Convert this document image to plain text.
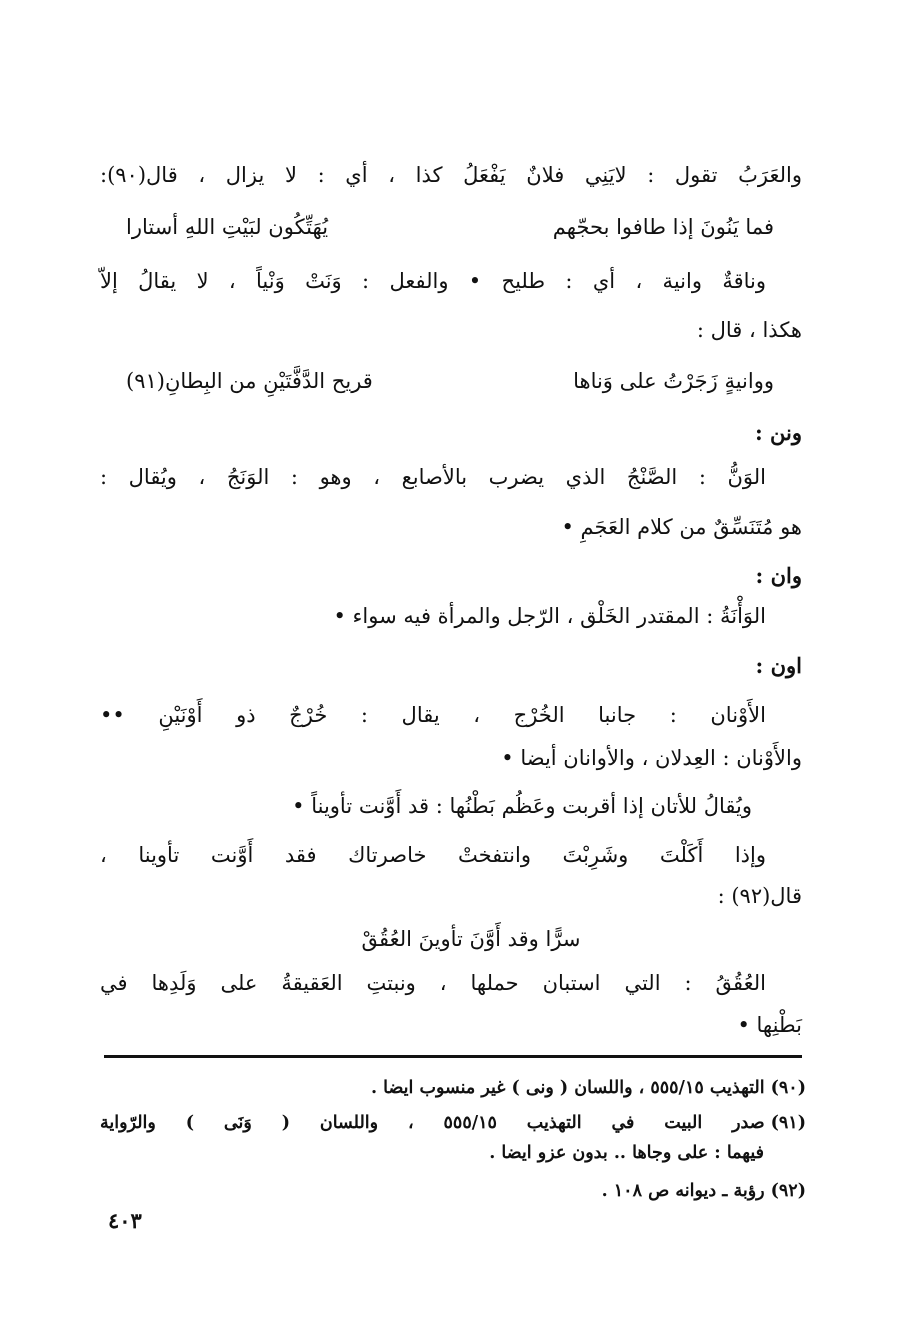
والعَرَبُ تقول : لايَنِي فلانٌ يَفْعَلُ كذا ، أي : لا يزال ، قال(٩٠):
فما يَنُونَ إذا طافوا بحجّهم
يُهَتِّكُون لبَيْتِ اللهِ أستارا
وناقةٌ وانية ، أي : طليح • والفعل : وَنَتْ وَنْياً ، لا يقالُ إلاّ
هكذا ، قال :
ووانيةٍ زَجَرْتُ على وَناها
قريح الدَّفَّتَيْنِ من البِطانِ(٩١)
ونن :
الوَنُّ : الصَّنْجُ الذي يضرب بالأصابع ، وهو : الوَنَجُ ، ويُقال :
هو مُتَنَسِّقٌ من كلام العَجَمِ •
وان :
الوَأْنَةُ : المقتدر الخَلْق ، الرّجل والمرأة فيه سواء •
اون :
الأَوْنان : جانبا الخُرْج ، يقال : خُرْجٌ ذو أَوْنَيْنِ ••
والأَوْنان : العِدلان ، والأوانان أيضا •
ويُقالُ للأتان إذا أقربت وعَظُم بَطْنُها : قد أَوَّنت تأويناً •
وإذا أَكَلْتَ وشَرِبْتَ وانتفختْ خاصرتاك فقد أَوَّنت تأوينا ،
قال(٩٢) :
سرًّا وقد أَوَّنَ تأوينَ العُقُقْ
العُقُقُ : التي استبان حملها ، ونبتتِ العَقيقةُ على وَلَدِها في
بَطْنِها •
(٩٠)التهذيب ٥٥٥/١٥ ، واللسان ( ونى ) غير منسوب ايضا .
(٩١)صدر البيت في التهذيب ٥٥٥/١٥ ، واللسان ( وَنَى ) والرّواية
فيهما : على وجاها .. بدون عزو ايضا .
(٩٢)رؤبة ـ ديوانه ص ١٠٨ .
٤٠٣
